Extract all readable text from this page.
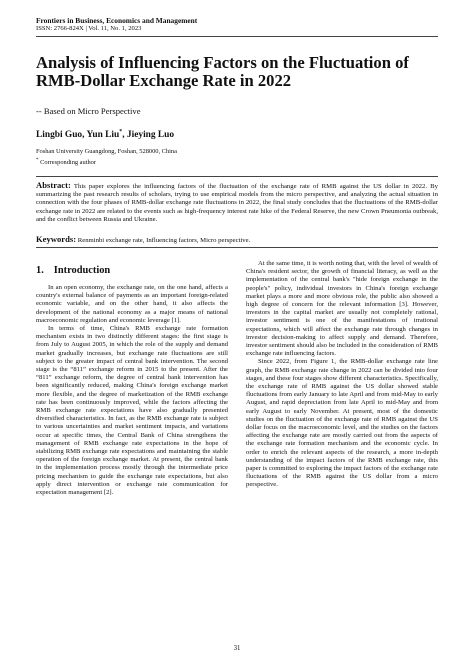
Frontiers in Business, Economics and Management
ISSN: 2766-824X | Vol. 11, No. 1, 2023
Analysis of Influencing Factors on the Fluctuation of RMB-Dollar Exchange Rate in 2022
-- Based on Micro Perspective
Lingbi Guo, Yun Liu*, Jieying Luo
Foshan University Guangdong, Foshan, 528000, China
* Corresponding author

Abstract: This paper explores the influencing factors of the fluctuation of the exchange rate of RMB against the US dollar in 2022. By summarizing the past research results of scholars, trying to use empirical models from the micro perspective, and analyzing the actual situation in connection with the four phases of RMB-dollar exchange rate fluctuations in 2022, the final study concludes that the fluctuations of the RMB-dollar exchange rate in 2022 are related to the events such as high-frequency interest rate hike of the Federal Reserve, the new Crown Pneumonia outbreak, and the conflict between Russia and Ukraine.

Keywords: Renminbi exchange rate, Influencing factors, Micro perspective.

1. Introduction

In an open economy, the exchange rate, on the one hand, affects a country's external balance of payments as an important foreign-related economic variable, and on the other hand, it also affects the development of the national economy as a major means of national macroeconomic regulation and economic leverage [1].

In terms of time, China's RMB exchange rate formation mechanism exists in two distinctly different stages: the first stage is from July to August 2005, in which the role of the supply and demand market gradually increases, but exchange rate fluctuations are still subject to the greater impact of central bank intervention. The second stage is the “811” exchange reform in 2015 to the present. After the “811” exchange reform, the degree of central bank intervention has been significantly reduced, making China's foreign exchange market more flexible, and the degree of marketization of the RMB exchange rate has been continuously improved, while the factors affecting the RMB exchange rate expectations have also gradually presented diversified characteristics. In fact, as the RMB exchange rate is subject to various uncertainties and market sentiment impacts, and variations occur at specific times, the Central Bank of China strengthens the management of RMB exchange rate expectations in the hope of stabilizing RMB exchange rate expectations and maintaining the stable operation of the foreign exchange market. At present, the central bank in the implementation process mostly through the intermediate price pricing mechanism to guide the exchange rate expectations, but also apply direct intervention or exchange rate communication for expectation management [2].

At the same time, it is worth noting that, with the level of wealth of China's resident sector, the growth of financial literacy, as well as the implementation of the central bank's "hide foreign exchange in the people's" policy, individual investors in China's foreign exchange market plays a more and more obvious role, the public also showed a high degree of concern for the relevant information [3]. However, investors in the capital market are usually not completely rational, investor sentiment is one of the manifestations of irrational expectations, which will affect the exchange rate through changes in investor decision-making to affect supply and demand. Therefore, investor sentiment should also be included in the consideration of RMB exchange rate influencing factors.

Since 2022, from Figure 1, the RMB-dollar exchange rate line graph, the RMB exchange rate change in 2022 can be divided into four stages, and these four stages show different characteristics. Specifically, the exchange rate of RMB against the US dollar showed stable fluctuations from early January to late April and from mid-May to early August, and rapid depreciation from late April to mid-May and from early August to early November. At present, most of the domestic studies on the fluctuation of the exchange rate of RMB against the US dollar focus on the macroeconomic level, and the studies on the factors affecting the exchange rate are mostly carried out from the aspects of the exchange rate formation mechanism and the economic cycle. In order to enrich the relevant aspects of the research, a more in-depth understanding of the impact factors of the RMB exchange rate, this paper is committed to exploring the impact factors of the exchange rate fluctuations of the RMB against the US dollar from a micro perspective.

31
